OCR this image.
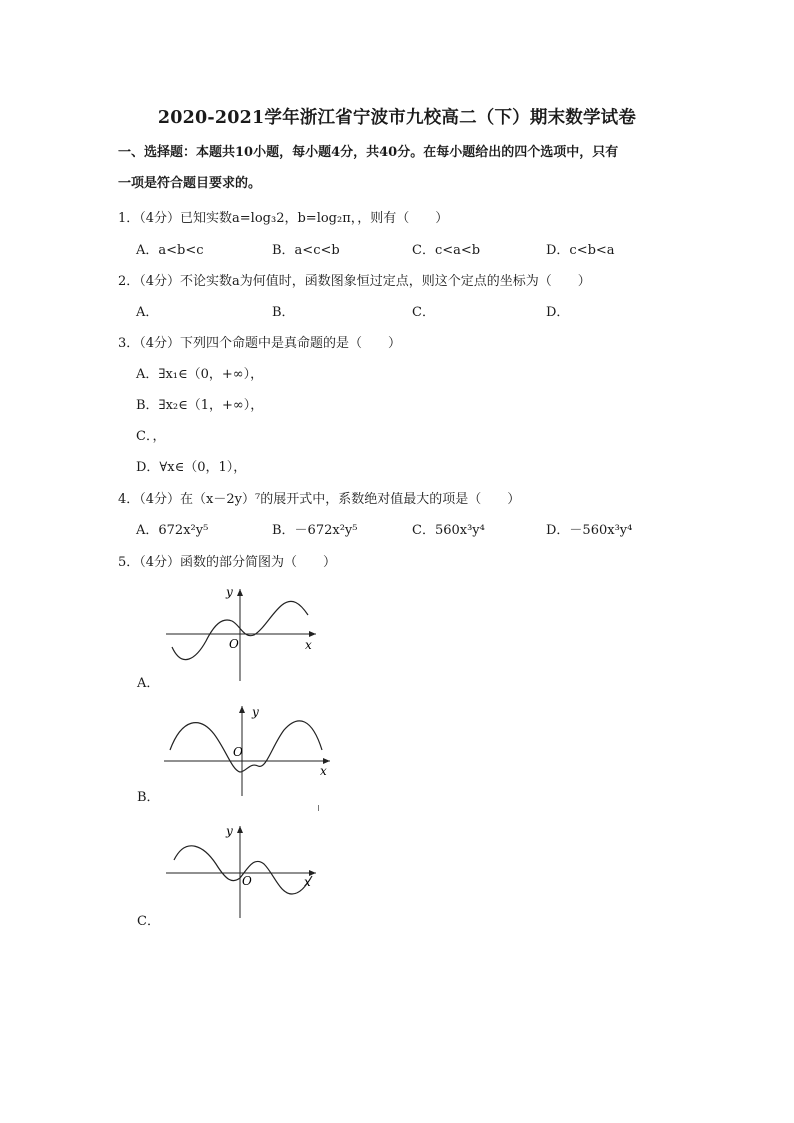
2020-2021学年浙江省宁波市九校高二（下）期末数学试卷
一、选择题：本题共10小题，每小题4分，共40分。在每小题给出的四个选项中，只有
一项是符合题目要求的。
1．（4分）已知实数a=log₃2，b=log₂π，，则有（　　）
A．a<b<c	B．a<c<b	C．c<a<b	D．c<b<a
2．（4分）不论实数a为何值时，函数图象恒过定点，则这个定点的坐标为（　　）
A．	B．	C．	D．
3．（4分）下列四个命题中是真命题的是（　　）
A．∃x₁∈（0，+∞），
B．∃x₂∈（1，+∞），
C．，
D．∀x∈（0，1），
4．（4分）在（x－2y）⁷的展开式中，系数绝对值最大的项是（　　）
A．672x²y⁵	B．－672x²y⁵	C．560x³y⁴	D．－560x³y⁴
5．（4分）函数的部分简图为（　　）
y
O	x
A．
y
O
x
B．
y
O	x
C．
